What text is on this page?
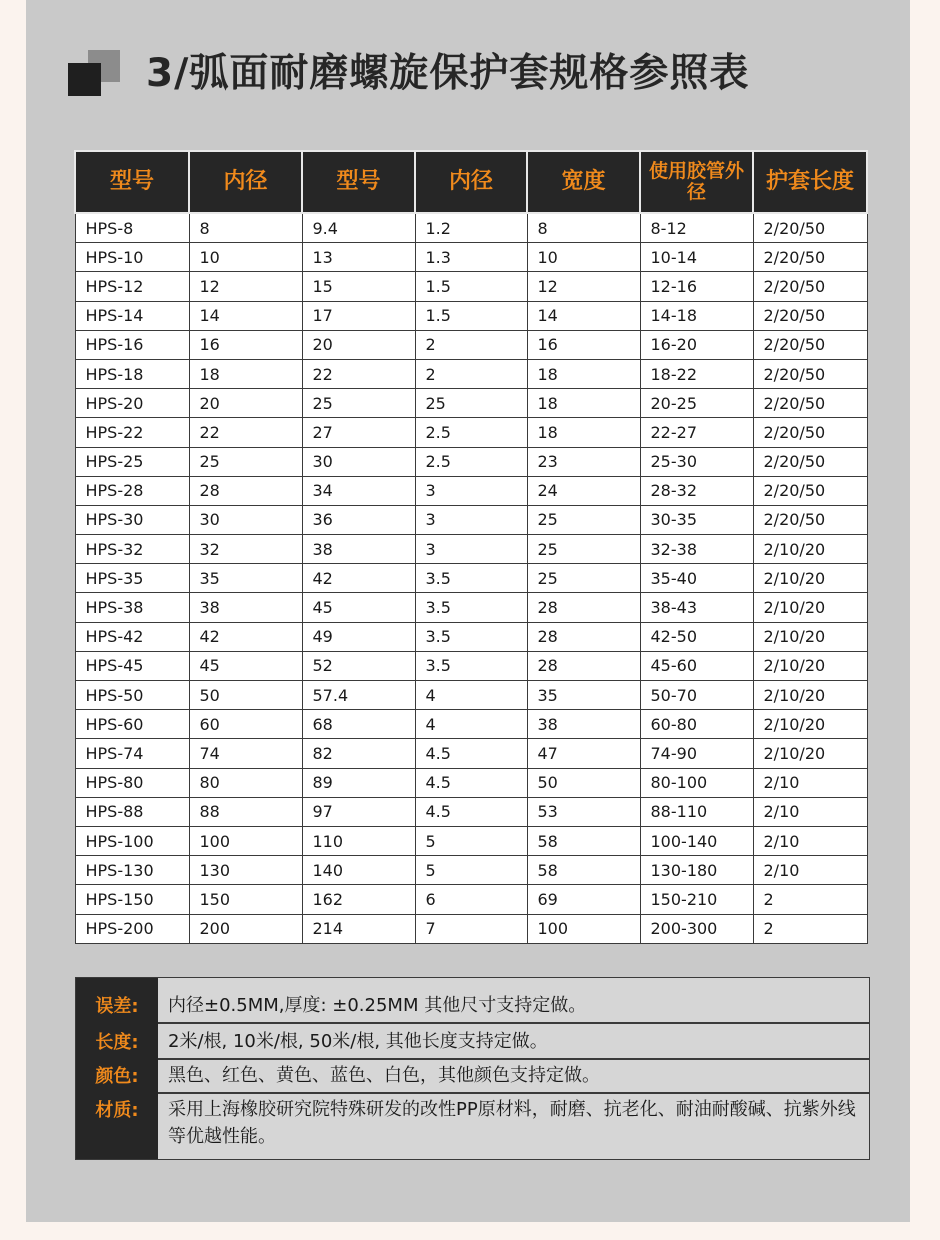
3/弧面耐磨螺旋保护套规格参照表
型号	内径	型号	内径	宽度	使用胶管外径	护套长度
HPS-8	8	9.4	1.2	8	8-12	2/20/50
HPS-10	10	13	1.3	10	10-14	2/20/50
HPS-12	12	15	1.5	12	12-16	2/20/50
HPS-14	14	17	1.5	14	14-18	2/20/50
HPS-16	16	20	2	16	16-20	2/20/50
HPS-18	18	22	2	18	18-22	2/20/50
HPS-20	20	25	25	18	20-25	2/20/50
HPS-22	22	27	2.5	18	22-27	2/20/50
HPS-25	25	30	2.5	23	25-30	2/20/50
HPS-28	28	34	3	24	28-32	2/20/50
HPS-30	30	36	3	25	30-35	2/20/50
HPS-32	32	38	3	25	32-38	2/10/20
HPS-35	35	42	3.5	25	35-40	2/10/20
HPS-38	38	45	3.5	28	38-43	2/10/20
HPS-42	42	49	3.5	28	42-50	2/10/20
HPS-45	45	52	3.5	28	45-60	2/10/20
HPS-50	50	57.4	4	35	50-70	2/10/20
HPS-60	60	68	4	38	60-80	2/10/20
HPS-74	74	82	4.5	47	74-90	2/10/20
HPS-80	80	89	4.5	50	80-100	2/10
HPS-88	88	97	4.5	53	88-110	2/10
HPS-100	100	110	5	58	100-140	2/10
HPS-130	130	140	5	58	130-180	2/10
HPS-150	150	162	6	69	150-210	2
HPS-200	200	214	7	100	200-300	2
误差:	内径±0.5MM,厚度: ±0.25MM 其他尺寸支持定做。
长度:	2米/根, 10米/根, 50米/根, 其他长度支持定做。
颜色:	黑色、红色、黄色、蓝色、白色，其他颜色支持定做。
材质:	采用上海橡胶研究院特殊研发的改性PP原材料，耐磨、抗老化、耐油耐酸碱、抗紫外线等优越性能。
